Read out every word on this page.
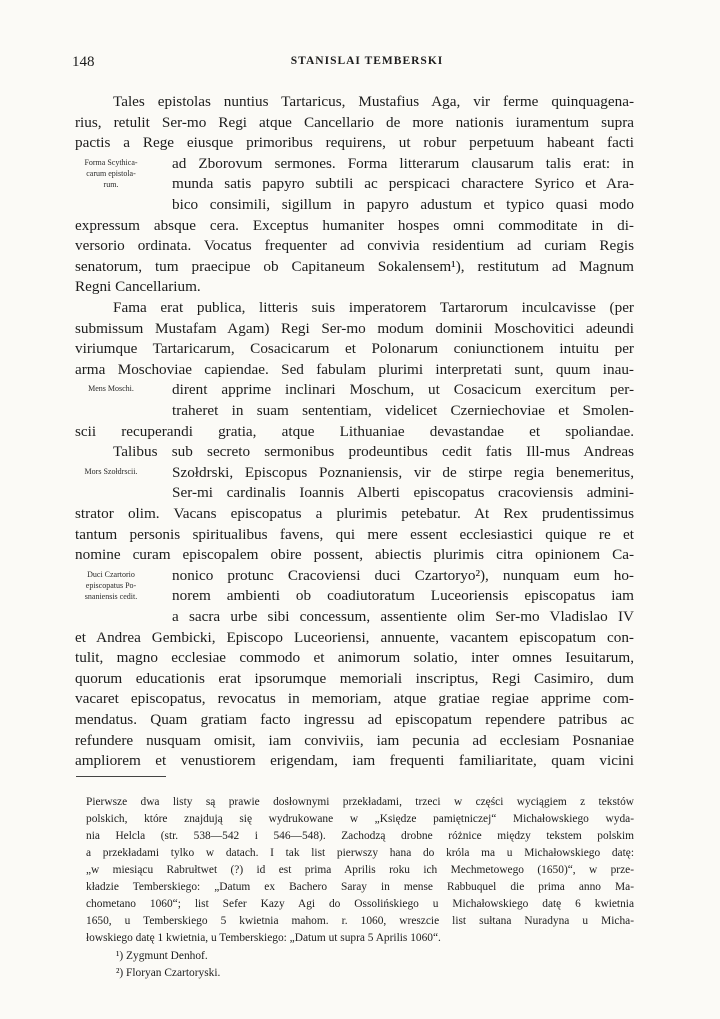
148	STANISLAI TEMBERSKI
Tales epistolas nuntius Tartaricus, Mustafius Aga, vir ferme quinquagena-
rius, retulit Ser-mo Regi atque Cancellario de more nationis iuramentum supra
pactis a Rege eiusque primoribus requirens, ut robur perpetuum habeant facti
ad Zborovum sermones. Forma litterarum clausarum talis erat: in
munda satis papyro subtili ac perspicaci charactere Syrico et Ara-
bico consimili, sigillum in papyro adustum et typico quasi modo
expressum absque cera. Exceptus humaniter hospes omni commoditate in di-
versorio ordinata. Vocatus frequenter ad convivia residentium ad curiam Regis
senatorum, tum praecipue ob Capitaneum Sokalensem¹), restitutum ad Magnum
Regni Cancellarium.
Fama erat publica, litteris suis imperatorem Tartarorum inculcavisse (per
submissum Mustafam Agam) Regi Ser-mo modum dominii Moschovitici adeundi
viriumque Tartaricarum, Cosacicarum et Polonarum coniunctionem intuitu per
arma Moschoviae capiendae. Sed fabulam plurimi interpretati sunt, quum inau-
dirent apprime inclinari Moschum, ut Cosacicum exercitum per-
traheret in suam sententiam, videlicet Czerniechoviae et Smolen-
scii recuperandi gratia, atque Lithuaniae devastandae et spoliandae.
Talibus sub secreto sermonibus prodeuntibus cedit fatis Ill-mus Andreas
Szołdrski, Episcopus Poznaniensis, vir de stirpe regia benemeritus,
Ser-mi cardinalis Ioannis Alberti episcopatus cracoviensis admini-
strator olim. Vacans episcopatus a plurimis petebatur. At Rex prudentissimus
tantum personis spiritualibus favens, qui mere essent ecclesiastici quique re et
nomine curam episcopalem obire possent, abiectis plurimis citra opinionem Ca-
nonico protunc Cracoviensi duci Czartoryo²), nunquam eum ho-
norem ambienti ob coadiutoratum Luceoriensis episcopatus iam
a sacra urbe sibi concessum, assentiente olim Ser-mo Vladislao IV
et Andrea Gembicki, Episcopo Luceoriensi, annuente, vacantem episcopatum con-
tulit, magno ecclesiae commodo et animorum solatio, inter omnes Iesuitarum,
quorum educationis erat ipsorumque memoriali inscriptus, Regi Casimiro, dum
vacaret episcopatus, revocatus in memoriam, atque gratiae regiae apprime com-
mendatus. Quam gratiam facto ingressu ad episcopatum rependere patribus ac
refundere nusquam omisit, iam conviviis, iam pecunia ad ecclesiam Posnaniae
ampliorem et venustiorem erigendam, iam frequenti familiaritate, quam vicini
Forma Scythica-
carum epistola-
rum.
Mens Moschi.
Mors Szołdrscii.
Duci Czartorio
episcopatus Po-
snaniensis cedit.
Pierwsze dwa listy są prawie dosłownymi przekładami, trzeci w części wyciągiem z tekstów
polskich, które znajdują się wydrukowane w „Księdze pamiętniczej“ Michałowskiego wyda-
nia Helcla (str. 538—542 i 546—548). Zachodzą drobne różnice między tekstem polskim
a przekładami tylko w datach. I tak list pierwszy hana do króla ma u Michałowskiego datę:
„w miesiącu Rabrułtwet (?) id est prima Aprilis roku ich Mechmetowego (1650)“, w prze-
kładzie Temberskiego: „Datum ex Bachero Saray in mense Rabbuquel die prima anno Ma-
chometano 1060“; list Sefer Kazy Agi do Ossolińskiego u Michałowskiego datę 6 kwietnia
1650, u Temberskiego 5 kwietnia mahom. r. 1060, wreszcie list sułtana Nuradyna u Micha-
łowskiego datę 1 kwietnia, u Temberskiego: „Datum ut supra 5 Aprilis 1060“.
¹) Zygmunt Denhof.
²) Floryan Czartoryski.
